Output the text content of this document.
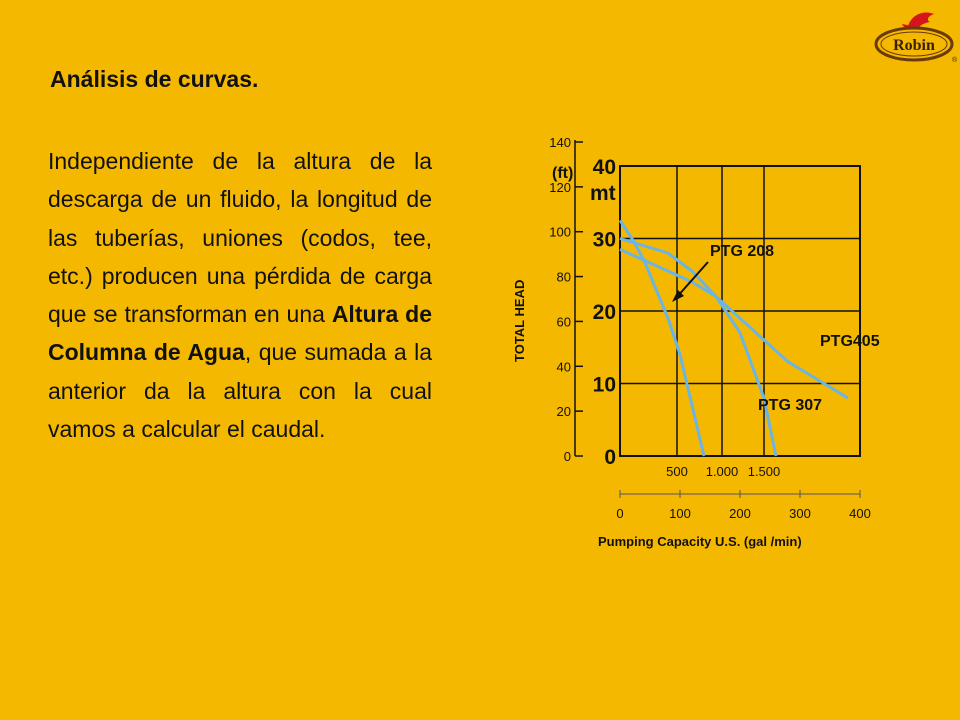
Análisis de curvas.

Independiente de la altura de la descarga de un fluido, la longitud de las tuberías, uniones (codos, tee, etc.) producen una pérdida de carga que se transforman en una Altura de Columna de Agua, que sumada a la anterior da la altura con la cual vamos a calcular el caudal.

Robin
®
140
120
100
80
60
40
20
0
(ft) 40
30
20
10
0
mt
TOTAL HEAD
500 1.000 1.500
0	100	200	300	400
Pumping Capacity U.S. (gal /min)
PTG 208
PTG405
PTG 307
